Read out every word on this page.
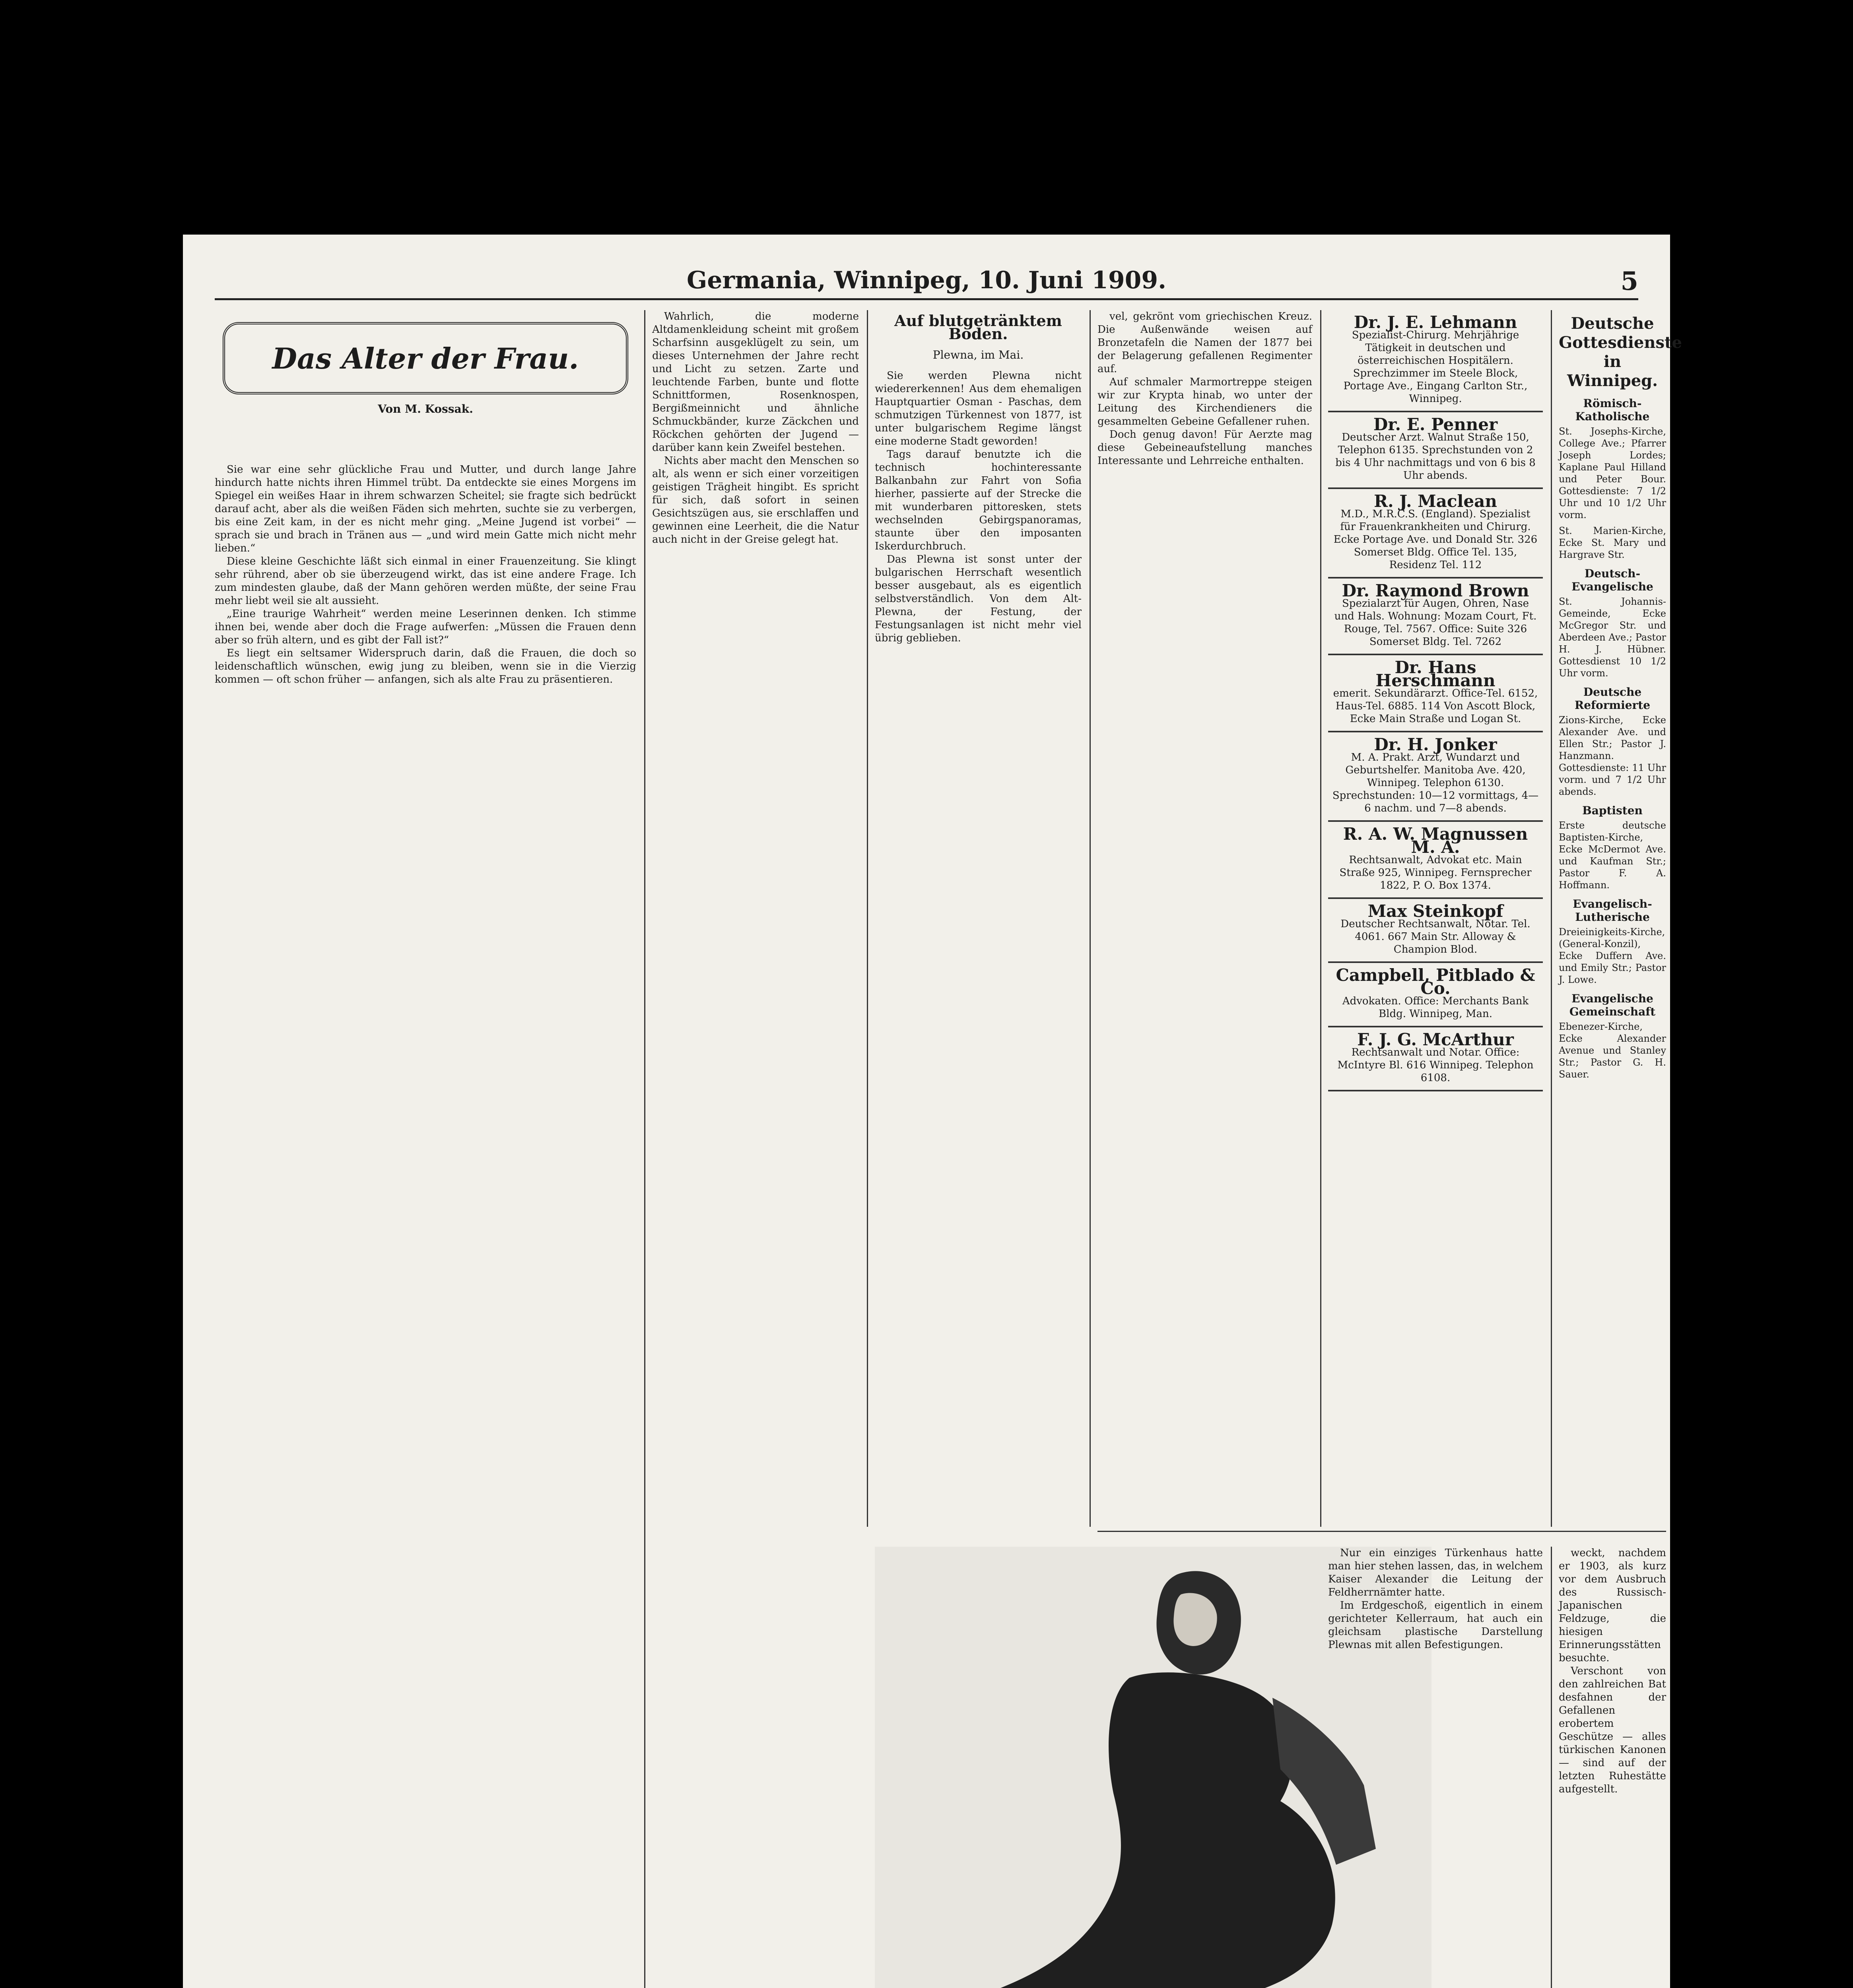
Germania, Winnipeg, 10. Juni 1909.	5
Das Alter der Frau.
Von M. Kossak.

Sie war eine sehr glückliche Frau und Mutter, und durch lange Jahre hindurch hatte nichts ihren Himmel trübt. Da entdeckte sie eines Morgens im Spiegel ein weißes Haar in ihrem schwarzen Scheitel; sie fragte sich bedrückt darauf acht, aber als die weißen Fäden sich mehrten, suchte sie zu verbergen, bis eine Zeit kam, in der es nicht mehr ging. „Meine Jugend ist vorbei“ — sprach sie und brach in Tränen aus — „und wird mein Gatte mich nicht mehr lieben.“

Diese kleine Geschichte läßt sich einmal in einer Frauenzeitung. Sie klingt sehr rührend, aber ob sie überzeugend wirkt, das ist eine andere Frage. Ich zum mindesten glaube, daß der Mann gehören werden müßte, der seine Frau mehr liebt weil sie alt aussieht.

„Eine traurige Wahrheit“ werden meine Leserinnen denken. Ich stimme ihnen bei, wende aber doch die Frage aufwerfen: „Müssen die Frauen denn aber so früh altern, und es gibt der Fall ist?“

Es liegt ein seltsamer Widerspruch darin, daß die Frauen, die doch so leidenschaftlich wünschen, ewig jung zu bleiben, wenn sie in die Vierzig kommen — oft schon früher — anfangen, sich als alte Frau zu präsentieren.

Wahrlich, die moderne Altdamenkleidung scheint mit großem Scharfsinn ausgeklügelt zu sein, um dieses Unternehmen der Jahre recht und Licht zu setzen. Zarte und leuchtende Farben, bunte und flotte Schnittformen, Rosenknospen, Bergißmeinnicht und ähnliche Schmuckbänder, kurze Zäckchen und Röckchen gehörten der Jugend — darüber kann kein Zweifel bestehen.

Nichts aber macht den Menschen so alt, als wenn er sich einer vorzeitigen geistigen Trägheit hingibt. Es spricht für sich, daß sofort in seinen Gesichtszügen aus, sie erschlaffen und gewinnen eine Leerheit, die die Natur auch nicht in der Greise gelegt hat.

Auf blutgetränktem Boden.
Plewna, im Mai.

Sie werden Plewna nicht wiedererkennen! Aus dem ehemaligen Hauptquartier Osman - Paschas, dem schmutzigen Türkennest von 1877, ist unter bulgarischem Regime längst eine moderne Stadt geworden!

Tags darauf benutzte ich die technisch hochinteressante Balkanbahn zur Fahrt von Sofia hierher, passierte auf der Strecke die mit wunderbaren pittoresken, stets wechselnden Gebirgspanoramas, staunte über den imposanten Iskerdurchbruch.

Das Plewna ist sonst unter der bulgarischen Herrschaft wesentlich besser ausgebaut, als es eigentlich selbstverständlich. Von dem Alt-Plewna, der Festung, der Festungsanlagen ist nicht mehr viel übrig geblieben.

vel, gekrönt vom griechischen Kreuz. Die Außenwände weisen auf Bronzetafeln die Namen der 1877 bei der Belagerung gefallenen Regimenter auf.

Auf schmaler Marmortreppe steigen wir zur Krypta hinab, wo unter der Leitung des Kirchendieners die gesammelten Gebeine Gefallener ruhen.

Doch genug davon! Für Aerzte mag diese Gebeineaufstellung manches Interessante und Lehrreiche enthalten.

Dr. J. E. Lehmann
Spezialist-Chirurg. Mehrjährige Tätigkeit in deutschen und österreichischen Hospitälern. Sprechzimmer im Steele Block, Portage Ave., Eingang Carlton Str., Winnipeg.
Dr. E. Penner
Deutscher Arzt. Walnut Straße 150, Telephon 6135. Sprechstunden von 2 bis 4 Uhr nachmittags und von 6 bis 8 Uhr abends.
R. J. Maclean
M.D., M.R.C.S. (England). Spezialist für Frauenkrankheiten und Chirurg. Ecke Portage Ave. und Donald Str. 326 Somerset Bldg. Office Tel. 135, Residenz Tel. 112
Dr. Raymond Brown
Spezialarzt für Augen, Ohren, Nase und Hals. Wohnung: Mozam Court, Ft. Rouge, Tel. 7567. Office: Suite 326 Somerset Bldg. Tel. 7262
Dr. Hans Herschmann
emerit. Sekundärarzt. Office-Tel. 6152, Haus-Tel. 6885. 114 Von Ascott Block, Ecke Main Straße und Logan St.
Dr. H. Jonker
M. A. Prakt. Arzt, Wundarzt und Geburtshelfer. Manitoba Ave. 420, Winnipeg. Telephon 6130. Sprechstunden: 10—12 vormittags, 4—6 nachm. und 7—8 abends.
R. A. W. Magnussen M. A.
Rechtsanwalt, Advokat etc. Main Straße 925, Winnipeg. Fernsprecher 1822, P. O. Box 1374.
Max Steinkopf
Deutscher Rechtsanwalt, Notar. Tel. 4061. 667 Main Str. Alloway & Champion Blod.
Campbell, Pitblado & Co.
Advokaten. Office: Merchants Bank Bldg. Winnipeg, Man.
F. J. G. McArthur
Rechtsanwalt und Notar. Office: McIntyre Bl. 616 Winnipeg. Telephon 6108.
Deutsche Gottesdienste in Winnipeg.
Römisch-Katholische
St. Josephs-Kirche, College Ave.; Pfarrer Joseph Lordes; Kaplane Paul Hilland und Peter Bour. Gottesdienste: 7 1/2 Uhr und 10 1/2 Uhr vorm.
St. Marien-Kirche, Ecke St. Mary und Hargrave Str.
Deutsch-Evangelische
St. Johannis-Gemeinde, Ecke McGregor Str. und Aberdeen Ave.; Pastor H. J. Hübner. Gottesdienst 10 1/2 Uhr vorm.
Deutsche Reformierte
Zions-Kirche, Ecke Alexander Ave. und Ellen Str.; Pastor J. Hanzmann. Gottesdienste: 11 Uhr vorm. und 7 1/2 Uhr abends.
Baptisten
Erste deutsche Baptisten-Kirche, Ecke McDermot Ave. und Kaufman Str.; Pastor F. A. Hoffmann.
Evangelisch-Lutherische
Dreieinigkeits-Kirche, (General-Konzil), Ecke Duffern Ave. und Emily Str.; Pastor J. Lowe.
Evangelische Gemeinschaft
Ebenezer-Kirche, Ecke Alexander Avenue und Stanley Str.; Pastor G. H. Sauer.

Nur ein einziges Türkenhaus hatte man hier stehen lassen, das, in welchem Kaiser Alexander die Leitung der Feldherrnämter hatte.

Im Erdgeschoß, eigentlich in einem gerichteter Kellerraum, hat auch ein gleichsam plastische Darstellung Plewnas mit allen Befestigungen.

weckt, nachdem er 1903, als kurz vor dem Ausbruch des Russisch-Japanischen Feldzuge, die hiesigen Erinnerungsstätten besuchte.

Verschont von den zahlreichen Bat desfahnen der Gefallenen erobertem Geschütze — alles türkischen Kanonen — sind auf der letzten Ruhestätte aufgestellt.
